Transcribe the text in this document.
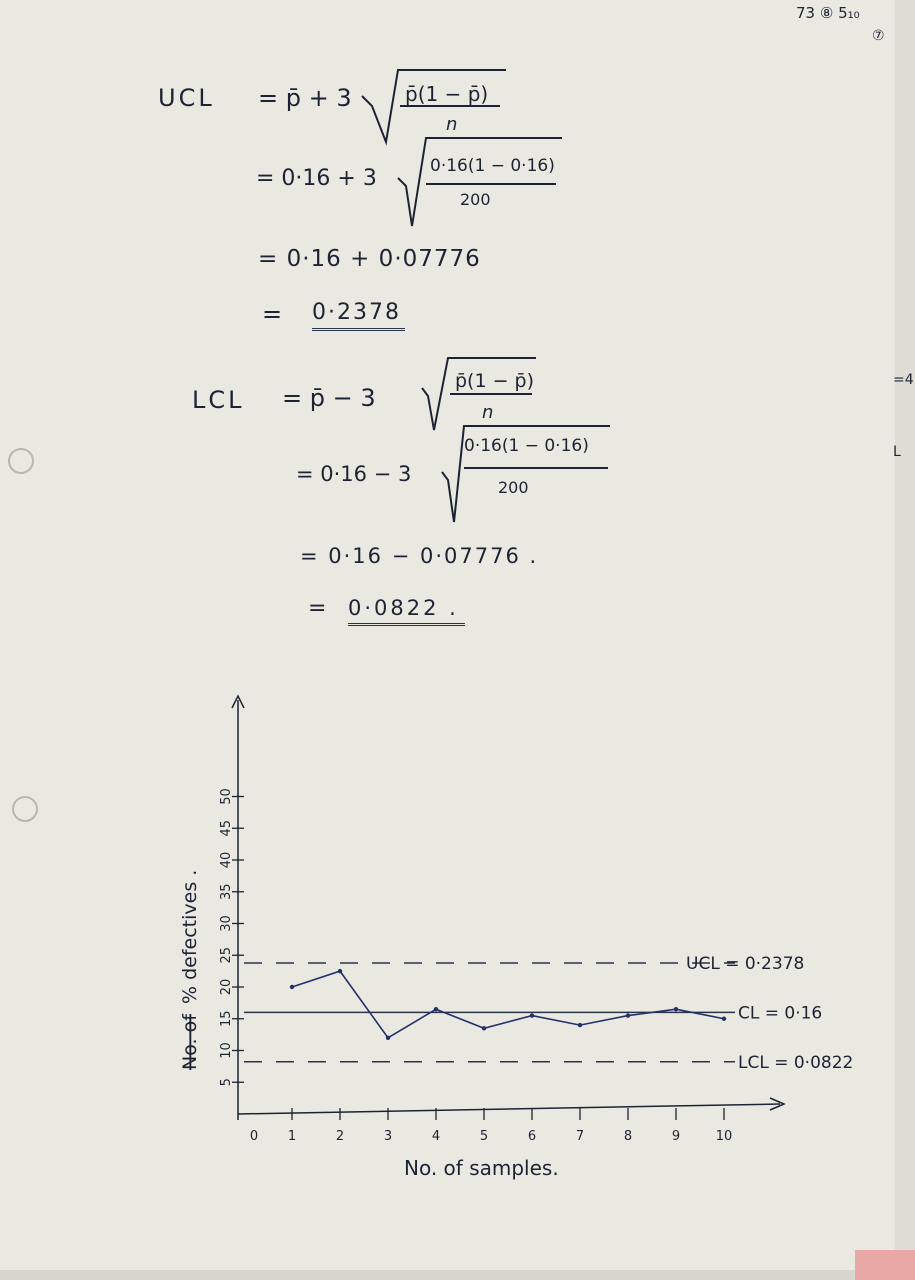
73 ⑧ 5₁₀
⑦
=4
L
UCL = p̄ + 3	p̄(1 − p̄)
n
= 0·16 + 3	0·16(1 − 0·16)
200
= 0·16 + 0·07776
= 0·2378
LCL = p̄ − 3
p̄(1 − p̄)
n
= 0·16 − 3
0·16(1 − 0·16)
200
= 0·16 − 0·07776 .
= 0·0822 .
5
10
15
20
25
30
35
40
45
50
0 1	2	3	4	5	6	7	8	9	10
UCL = 0·2378
CL = 0·16
LCL = 0·0822
No. of samples.
No. of
% defectives .
